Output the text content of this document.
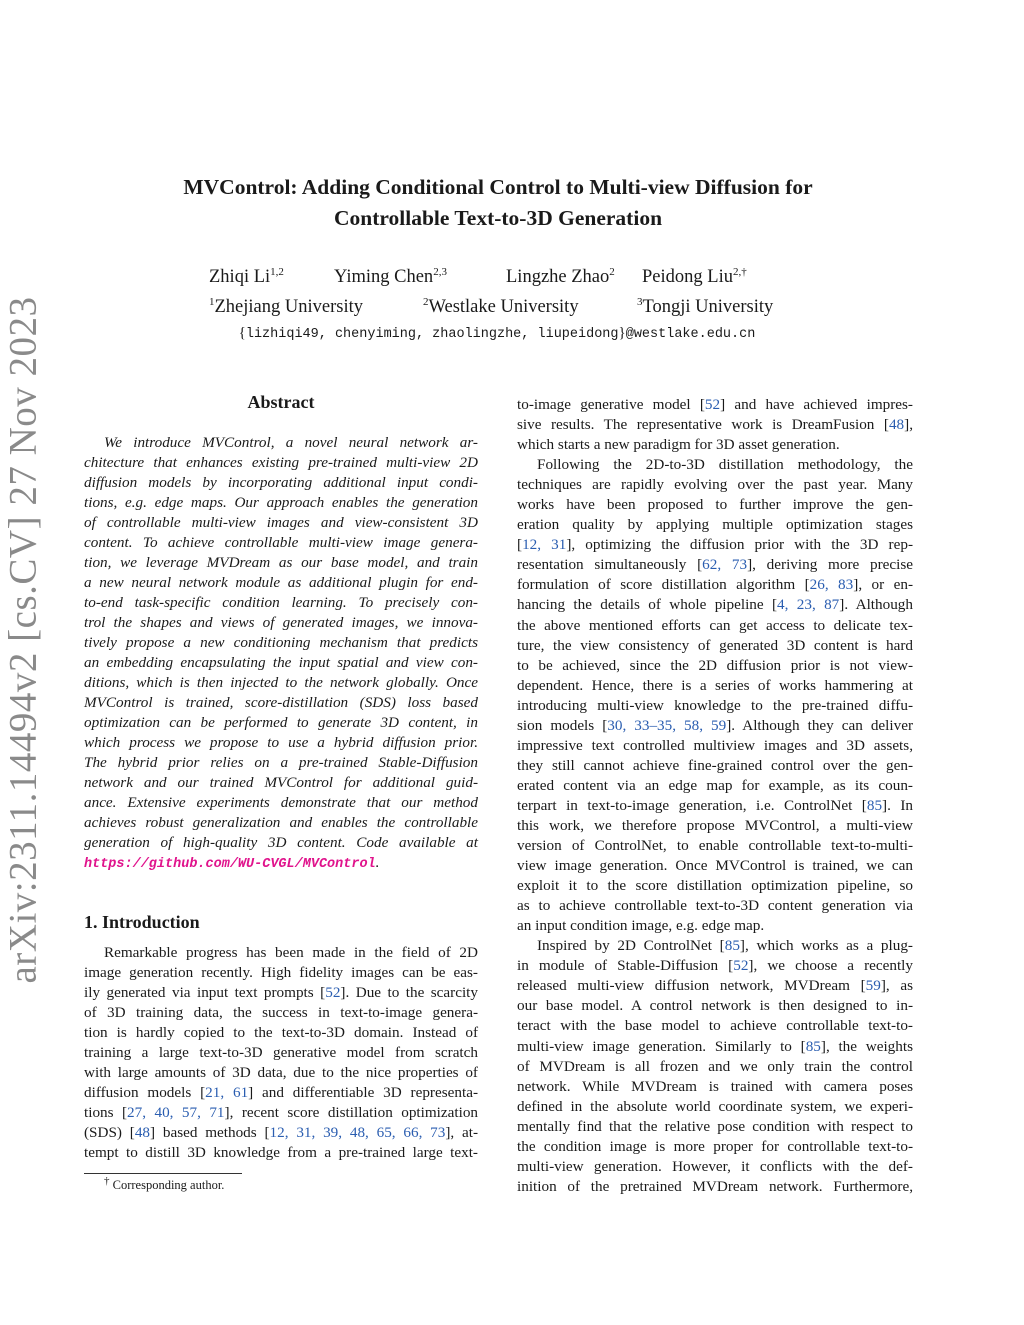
arXiv:2311.14494v2 [cs.CV] 27 Nov 2023
MVControl: Adding Conditional Control to Multi-view Diffusion for
Controllable Text-to-3D Generation
Zhiqi Li$^{1,2}$	Yiming Chen$^{2,3}$	Lingzhe Zhao$^2$ Peidong Liu$^{2,\dagger}$
$^1$Zhejiang University	$^2$Westlake University	$^3$Tongji University
{lizhiqi49, chenyiming, zhaolingzhe, liupeidong}@westlake.edu.cn
Abstract
We introduce MVControl, a novel neural network ar-
chitecture that enhances existing pre-trained multi-view 2D
diffusion models by incorporating additional input condi-
tions, e.g. edge maps. Our approach enables the generation
of controllable multi-view images and view-consistent 3D
content. To achieve controllable multi-view image genera-
tion, we leverage MVDream as our base model, and train
a new neural network module as additional plugin for end-
to-end task-specific condition learning. To precisely con-
trol the shapes and views of generated images, we innova-
tively propose a new conditioning mechanism that predicts
an embedding encapsulating the input spatial and view con-
ditions, which is then injected to the network globally. Once
MVControl is trained, score-distillation (SDS) loss based
optimization can be performed to generate 3D content, in
which process we propose to use a hybrid diffusion prior.
The hybrid prior relies on a pre-trained Stable-Diffusion
network and our trained MVControl for additional guid-
ance. Extensive experiments demonstrate that our method
achieves robust generalization and enables the controllable
generation of high-quality 3D content. Code available at
https://github.com/WU-CVGL/MVControl.
1. Introduction
Remarkable progress has been made in the field of 2D
image generation recently. High fidelity images can be eas-
ily generated via input text prompts [52]. Due to the scarcity
of 3D training data, the success in text-to-image genera-
tion is hardly copied to the text-to-3D domain. Instead of
training a large text-to-3D generative model from scratch
with large amounts of 3D data, due to the nice properties of
diffusion models [21, 61] and differentiable 3D representa-
tions [27, 40, 57, 71], recent score distillation optimization
(SDS) [48] based methods [12, 31, 39, 48, 65, 66, 73], at-
tempt to distill 3D knowledge from a pre-trained large text-
to-image generative model [52] and have achieved impres-
sive results. The representative work is DreamFusion [48],
which starts a new paradigm for 3D asset generation.
Following the 2D-to-3D distillation methodology, the
techniques are rapidly evolving over the past year. Many
works have been proposed to further improve the gen-
eration quality by applying multiple optimization stages
[12, 31], optimizing the diffusion prior with the 3D rep-
resentation simultaneously [62, 73], deriving more precise
formulation of score distillation algorithm [26, 83], or en-
hancing the details of whole pipeline [4, 23, 87]. Although
the above mentioned efforts can get access to delicate tex-
ture, the view consistency of generated 3D content is hard
to be achieved, since the 2D diffusion prior is not view-
dependent. Hence, there is a series of works hammering at
introducing multi-view knowledge to the pre-trained diffu-
sion models [30, 33–35, 58, 59]. Although they can deliver
impressive text controlled multiview images and 3D assets,
they still cannot achieve fine-grained control over the gen-
erated content via an edge map for example, as its coun-
terpart in text-to-image generation, i.e. ControlNet [85]. In
this work, we therefore propose MVControl, a multi-view
version of ControlNet, to enable controllable text-to-multi-
view image generation. Once MVControl is trained, we can
exploit it to the score distillation optimization pipeline, so
as to achieve controllable text-to-3D content generation via
an input condition image, e.g. edge map.
Inspired by 2D ControlNet [85], which works as a plug-
in module of Stable-Diffusion [52], we choose a recently
released multi-view diffusion network, MVDream [59], as
our base model. A control network is then designed to in-
teract with the base model to achieve controllable text-to-
multi-view image generation. Similarly to [85], the weights
of MVDream is all frozen and we only train the control
network. While MVDream is trained with camera poses
defined in the absolute world coordinate system, we experi-
mentally find that the relative pose condition with respect to
the condition image is more proper for controllable text-to-
multi-view generation. However, it conflicts with the def-
inition of the pretrained MVDream network. Furthermore,
† Corresponding author.
